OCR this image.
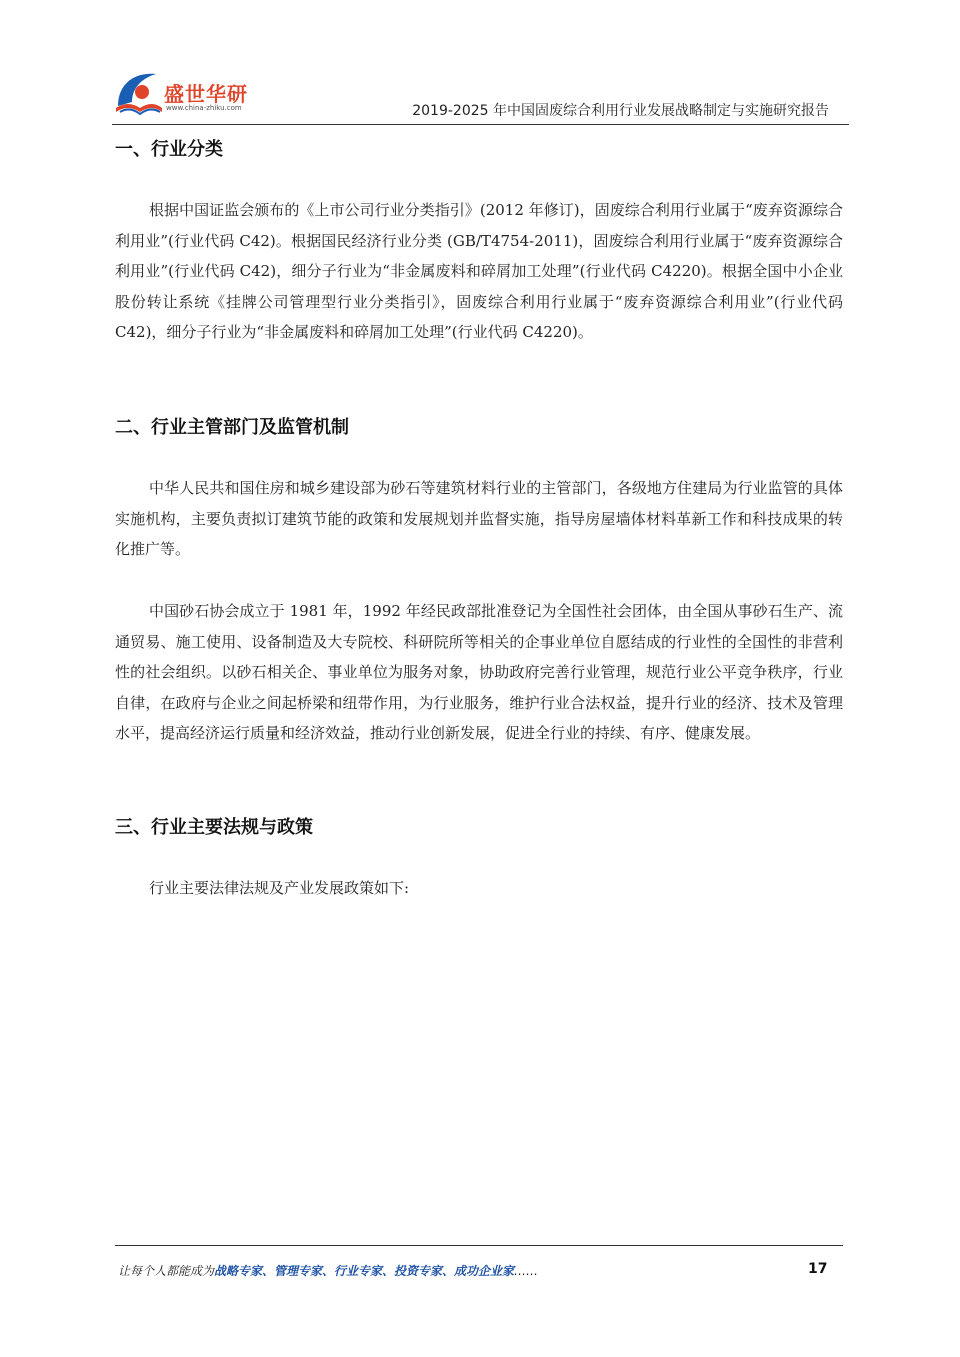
盛世华研
www.china-zhiku.com	2019-2025 年中国固废综合利用行业发展战略制定与实施研究报告
一、行业分类

根据中国证监会颁布的《上市公司行业分类指引》(2012 年修订)，固废综合利用行业属于“废弃资源综合利用业”(行业代码 C42)。根据国民经济行业分类 (GB/T4754-2011)，固废综合利用行业属于“废弃资源综合利用业”(行业代码 C42)，细分子行业为“非金属废料和碎屑加工处理”(行业代码 C4220)。根据全国中小企业股份转让系统《挂牌公司管理型行业分类指引》，固废综合利用行业属于“废弃资源综合利用业”(行业代码 C42)，细分子行业为“非金属废料和碎屑加工处理”(行业代码 C4220)。

二、行业主管部门及监管机制

中华人民共和国住房和城乡建设部为砂石等建筑材料行业的主管部门，各级地方住建局为行业监管的具体实施机构，主要负责拟订建筑节能的政策和发展规划并监督实施，指导房屋墙体材料革新工作和科技成果的转化推广等。

中国砂石协会成立于 1981 年，1992 年经民政部批准登记为全国性社会团体，由全国从事砂石生产、流通贸易、施工使用、设备制造及大专院校、科研院所等相关的企事业单位自愿结成的行业性的全国性的非营利性的社会组织。以砂石相关企、事业单位为服务对象，协助政府完善行业管理，规范行业公平竞争秩序，行业自律，在政府与企业之间起桥梁和纽带作用，为行业服务，维护行业合法权益，提升行业的经济、技术及管理水平，提高经济运行质量和经济效益，推动行业创新发展，促进全行业的持续、有序、健康发展。

三、行业主要法规与政策

行业主要法律法规及产业发展政策如下:

让每个人都能成为战略专家、管理专家、行业专家、投资专家、成功企业家……	17
